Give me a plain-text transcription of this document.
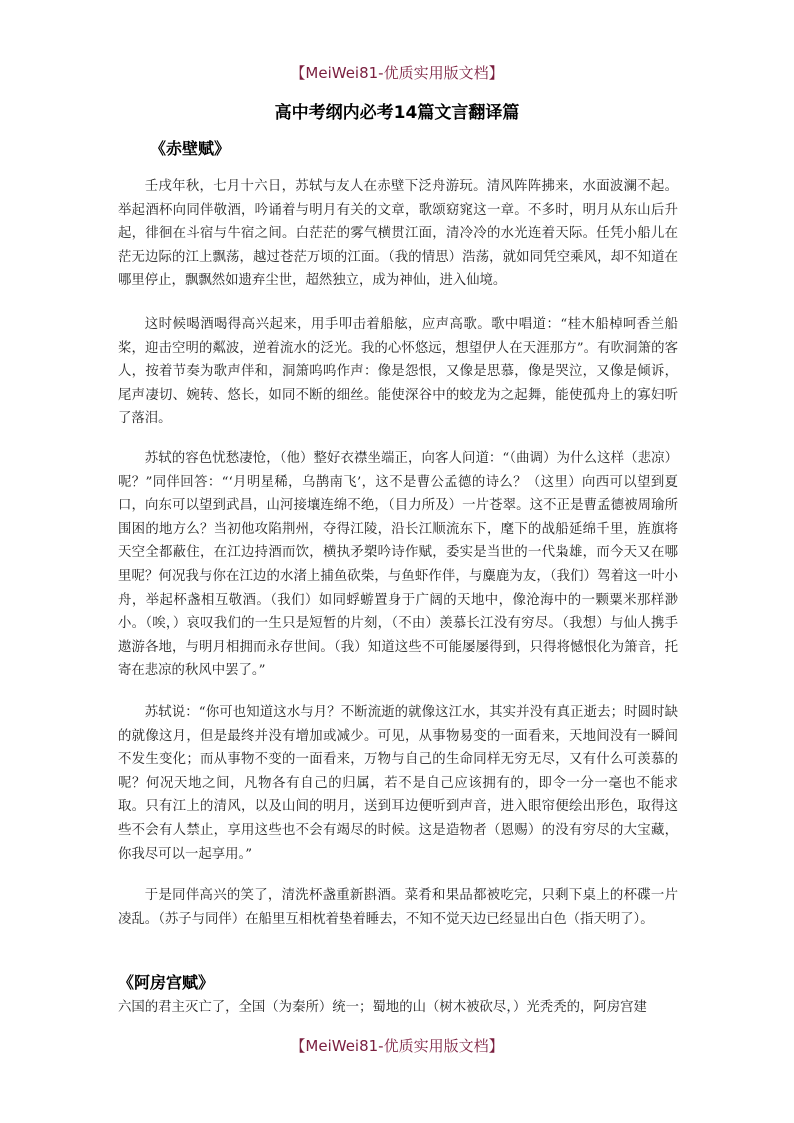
【MeiWei81-优质实用版文档】
高中考纲内必考14篇文言翻译篇
《赤壁赋》

壬戌年秋，七月十六日，苏轼与友人在赤壁下泛舟游玩。清风阵阵拂来，水面波澜不起。举起酒杯向同伴敬酒，吟诵着与明月有关的文章，歌颂窈窕这一章。不多时，明月从东山后升起，徘徊在斗宿与牛宿之间。白茫茫的雾气横贯江面，清冷冷的水光连着天际。任凭小船儿在茫无边际的江上飘荡，越过苍茫万顷的江面。（我的情思）浩荡，就如同凭空乘风，却不知道在哪里停止，飘飘然如遗弃尘世，超然独立，成为神仙，进入仙境。

这时候喝酒喝得高兴起来，用手叩击着船舷，应声高歌。歌中唱道：“桂木船棹呵香兰船桨，迎击空明的粼波，逆着流水的泛光。我的心怀悠远，想望伊人在天涯那方”。有吹洞箫的客人，按着节奏为歌声伴和，洞箫呜呜作声：像是怨恨，又像是思慕，像是哭泣，又像是倾诉，尾声凄切、婉转、悠长，如同不断的细丝。能使深谷中的蛟龙为之起舞，能使孤舟上的寡妇听了落泪。

苏轼的容色忧愁凄怆，（他）整好衣襟坐端正，向客人问道：“（曲调）为什么这样（悲凉）呢？”同伴回答：“‘月明星稀，乌鹊南飞’，这不是曹公孟德的诗么？（这里）向西可以望到夏口，向东可以望到武昌，山河接壤连绵不绝，（目力所及）一片苍翠。这不正是曹孟德被周瑜所围困的地方么？当初他攻陷荆州，夺得江陵，沿长江顺流东下，麾下的战船延绵千里，旌旗将天空全都蔽住，在江边持酒而饮，横执矛槊吟诗作赋，委实是当世的一代枭雄，而今天又在哪里呢？何况我与你在江边的水渚上捕鱼砍柴，与鱼虾作伴，与麋鹿为友，（我们）驾着这一叶小舟，举起杯盏相互敬酒。（我们）如同蜉蝣置身于广阔的天地中，像沧海中的一颗粟米那样渺小。（唉，）哀叹我们的一生只是短暂的片刻，（不由）羡慕长江没有穷尽。（我想）与仙人携手遨游各地，与明月相拥而永存世间。（我）知道这些不可能屡屡得到，只得将憾恨化为箫音，托寄在悲凉的秋风中罢了。”

苏轼说：“你可也知道这水与月？不断流逝的就像这江水，其实并没有真正逝去；时圆时缺的就像这月，但是最终并没有增加或减少。可见，从事物易变的一面看来，天地间没有一瞬间不发生变化；而从事物不变的一面看来，万物与自己的生命同样无穷无尽，又有什么可羡慕的呢？何况天地之间，凡物各有自己的归属，若不是自己应该拥有的，即令一分一毫也不能求取。只有江上的清风，以及山间的明月，送到耳边便听到声音，进入眼帘便绘出形色，取得这些不会有人禁止，享用这些也不会有竭尽的时候。这是造物者（恩赐）的没有穷尽的大宝藏，你我尽可以一起享用。”

于是同伴高兴的笑了，清洗杯盏重新斟酒。菜肴和果品都被吃完，只剩下桌上的杯碟一片凌乱。（苏子与同伴）在船里互相枕着垫着睡去，不知不觉天边已经显出白色（指天明了）。

《阿房宫赋》

六国的君主灭亡了，全国（为秦所）统一；蜀地的山（树木被砍尽，）光秃秃的，阿房宫建

【MeiWei81-优质实用版文档】
